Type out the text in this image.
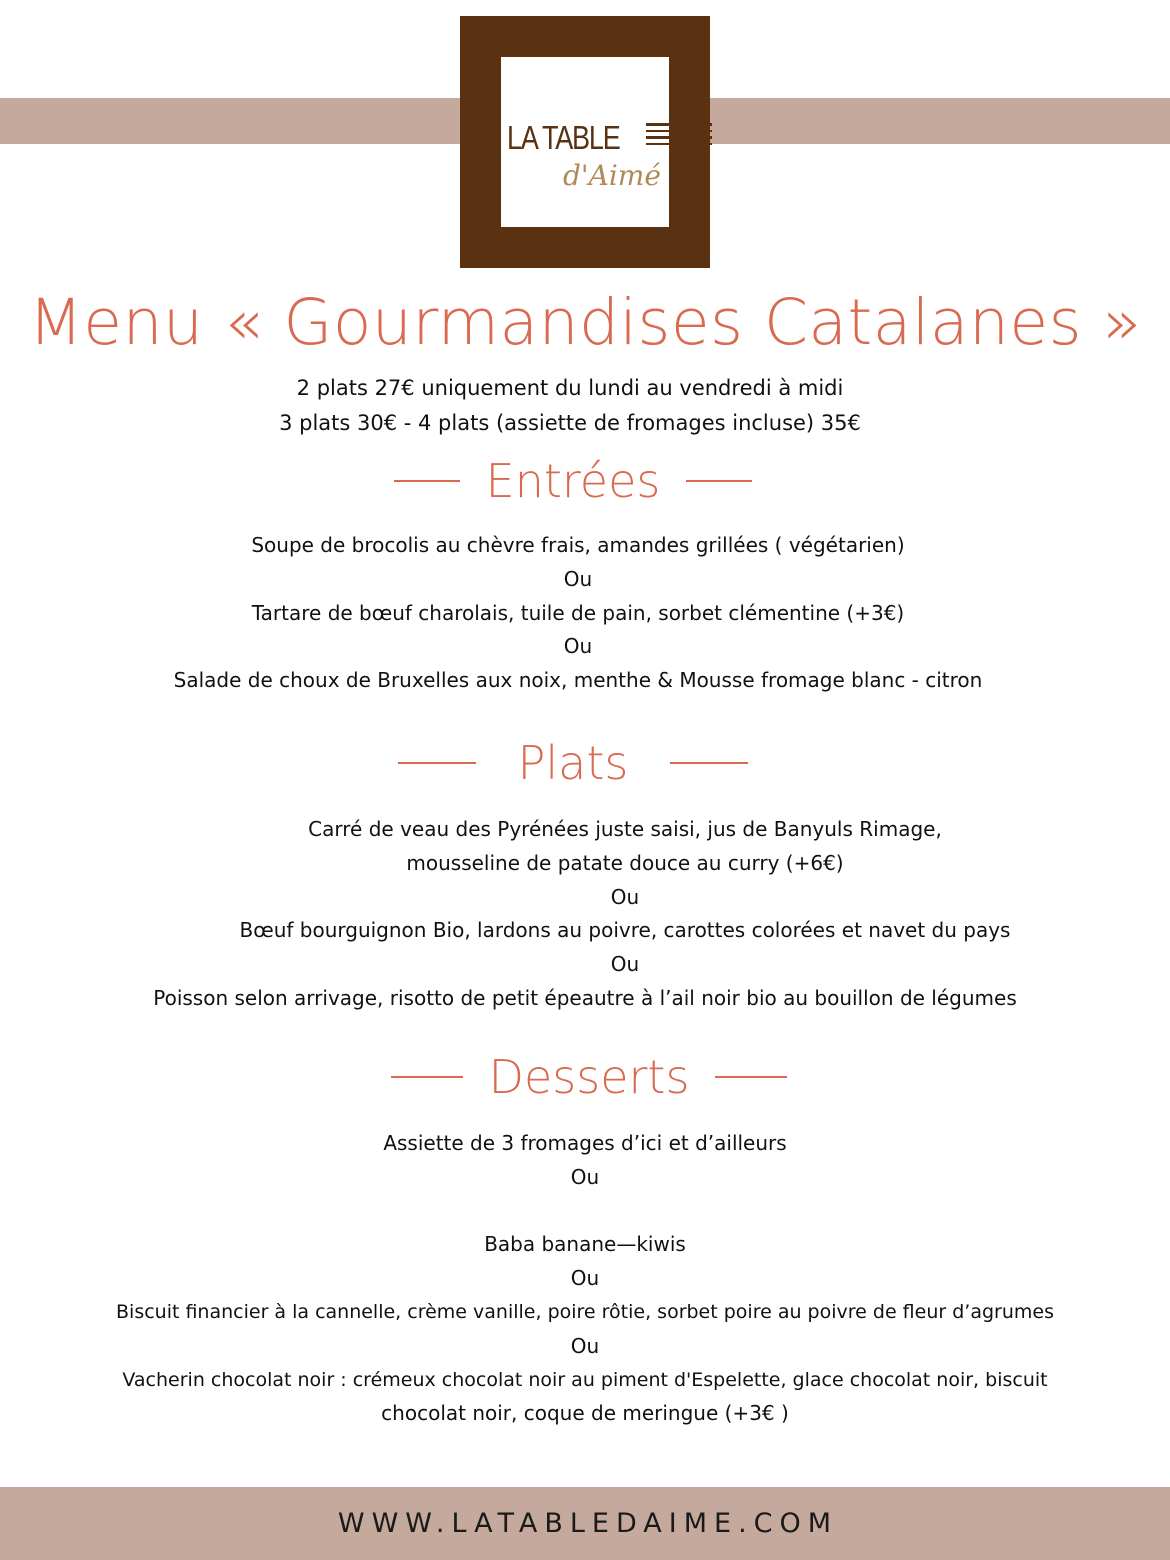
LA TABLE
d'Aimé
Menu « Gourmandises Catalanes »
2 plats 27€ uniquement du lundi au vendredi à midi
3 plats 30€ - 4 plats (assiette de fromages incluse) 35€
Entrées
Soupe de brocolis au chèvre frais, amandes grillées ( végétarien)
Ou
Tartare de bœuf charolais, tuile de pain, sorbet clémentine (+3€)
Ou
Salade de choux de Bruxelles aux noix, menthe & Mousse fromage blanc - citron
Plats
Carré de veau des Pyrénées juste saisi, jus de Banyuls Rimage,
mousseline de patate douce au curry (+6€)
Ou
Bœuf bourguignon Bio, lardons au poivre, carottes colorées et navet du pays
Ou
Poisson selon arrivage, risotto de petit épeautre à l’ail noir bio au bouillon de légumes
Desserts
Assiette de 3 fromages d’ici et d’ailleurs
Ou
Baba banane—kiwis
Ou
Biscuit financier à la cannelle, crème vanille, poire rôtie, sorbet poire au poivre de fleur d’agrumes
Ou
Vacherin chocolat noir : crémeux chocolat noir au piment d'Espelette, glace chocolat noir, biscuit
chocolat noir, coque de meringue (+3€ )
WWW.LATABLEDAIME.COM
